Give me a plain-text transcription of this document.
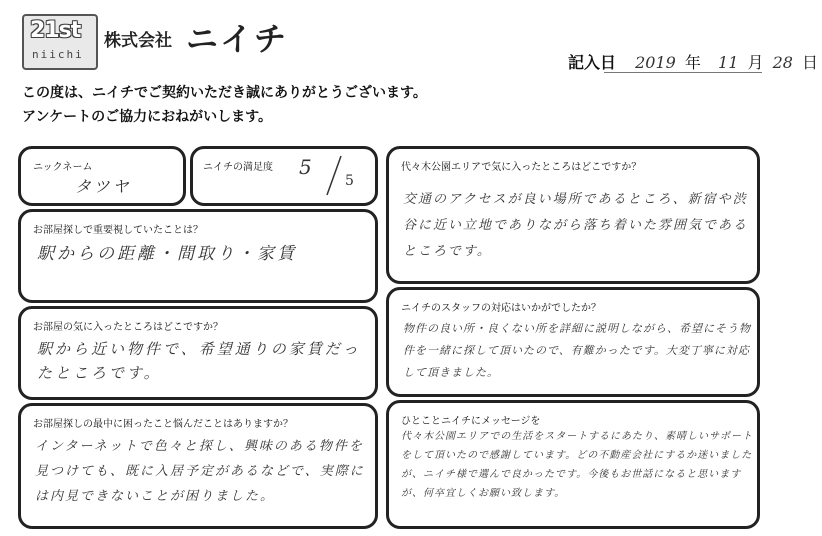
21st
niichi
株式会社 ニイチ
記入日 2019 年 11 月 28 日
この度は、ニイチでご契約いただき誠にありがとうございます。
アンケートのご協力におねがいします。
ニックネーム
タツヤ
ニイチの満足度 5
5
お部屋探しで重要視していたことは？
駅からの距離・間取り・家賃
お部屋の気に入ったところはどこですか？
駅から近い物件で、希望通りの家賃だったところです。
お部屋探しの最中に困ったこと悩んだことはありますか？
インターネットで色々と探し、興味のある物件を見つけても、既に入居予定があるなどで、実際には内見できないことが困りました。
代々木公園エリアで気に入ったところはどこですか？
交通のアクセスが良い場所であるところ、新宿や渋谷に近い立地でありながら落ち着いた雰囲気であるところです。
ニイチのスタッフの対応はいかがでしたか？
物件の良い所・良くない所を詳細に説明しながら、希望にそう物件を一緒に探して頂いたので、有難かったです。大変丁寧に対応して頂きました。
ひとことニイチにメッセージを
代々木公園エリアでの生活をスタートするにあたり、素晴しいサポートをして頂いたので感謝しています。どの不動産会社にするか迷いましたが、ニイチ様で選んで良かったです。今後もお世話になると思いますが、何卒宜しくお願い致します。
